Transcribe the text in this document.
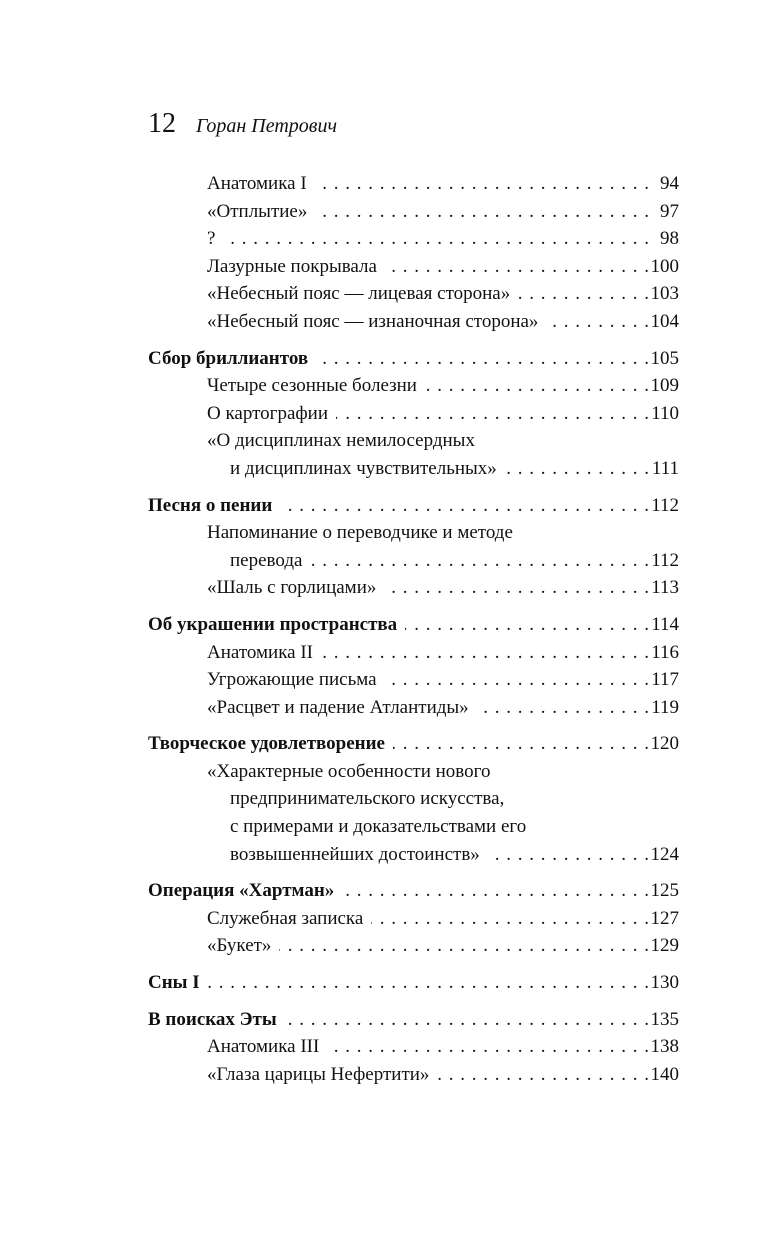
12 Горан Петрович
Анатомика I . . .	94
«Отплытие» . . .	97
? . . .	98
Лазурные покрывала . . .	100
«Небесный пояс — лицевая сторона» . . .	103
«Небесный пояс — изнаночная сторона» . . .	104
Сбор бриллиантов . . .	105
Четыре сезонные болезни . . .	109
О картографии . . .	110
«О дисциплинах немилосердных
и дисциплинах чувствительных» . . .	111
Песня о пении . . .	112
Напоминание о переводчике и методе
перевода . . .	112
«Шаль с горлицами» . . .	113
Об украшении пространства . . .	114
Анатомика II . . .	116
Угрожающие письма . . .	117
«Расцвет и падение Атлантиды» . . .	119
Творческое удовлетворение . . .	120
«Характерные особенности нового
предпринимательского искусства,
с примерами и доказательствами его
возвышеннейших достоинств» . . .	124
Операция «Хартман» . . .	125
Служебная записка . . .	127
«Букет» . . .	129
Сны I . . .	130
В поисках Эты . . .	135
Анатомика III . . .	138
«Глаза царицы Нефертити» . . .	140
